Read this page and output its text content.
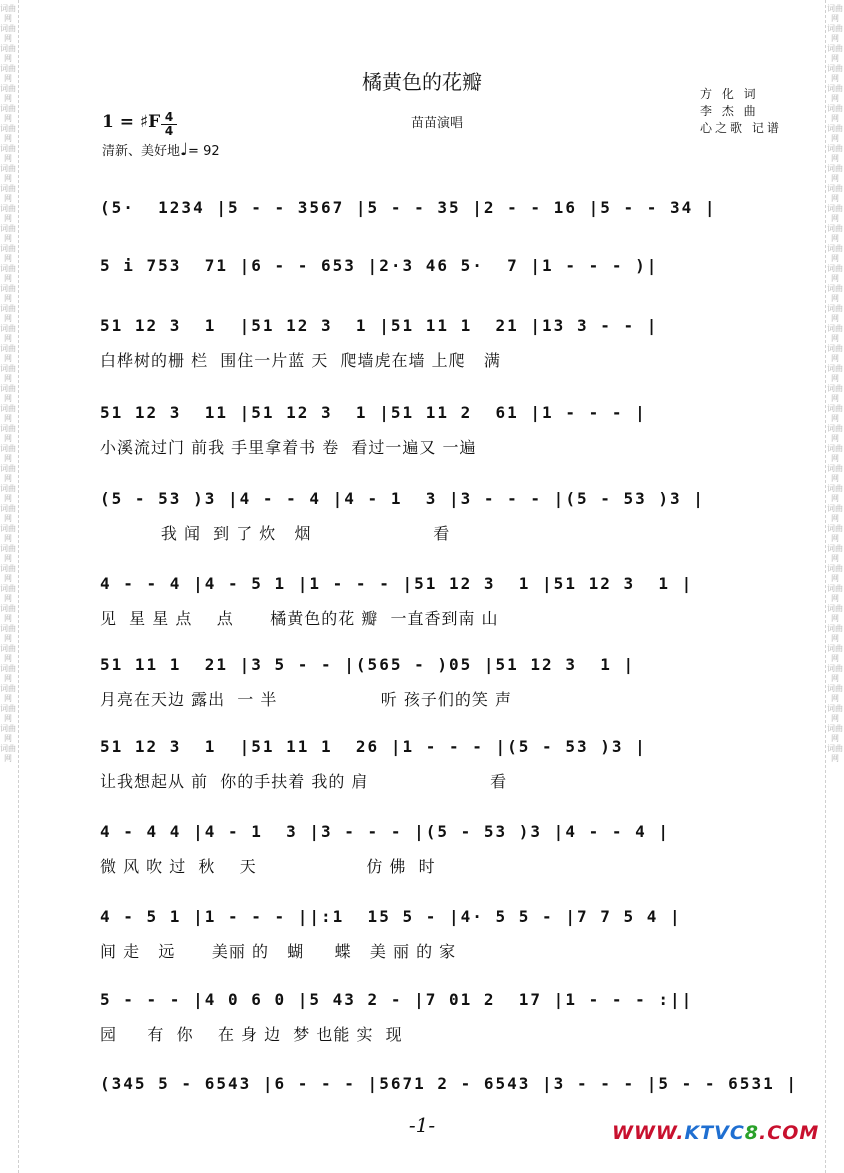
词曲网 词曲网 词曲网 词曲网 词曲网 词曲网 词曲网 词曲网 词曲网 词曲网 词曲网 词曲网 词曲网 词曲网 词曲网 词曲网 词曲网 词曲网 词曲网 词曲网 词曲网 词曲网 词曲网 词曲网 词曲网 词曲网 词曲网 词曲网 词曲网 词曲网 词曲网 词曲网 词曲网 词曲网 词曲网 词曲网 词曲网 词曲网
词曲网 词曲网 词曲网 词曲网 词曲网 词曲网 词曲网 词曲网 词曲网 词曲网 词曲网 词曲网 词曲网 词曲网 词曲网 词曲网 词曲网 词曲网 词曲网 词曲网 词曲网 词曲网 词曲网 词曲网 词曲网 词曲网 词曲网 词曲网 词曲网 词曲网 词曲网 词曲网 词曲网 词曲网 词曲网 词曲网 词曲网 词曲网
橘黄色的花瓣
苗苗演唱
方 化 词
李 杰 曲
心之歌 记谱
1 = ♯F 4
4
清新、美好地♩= 92
(5·  1234 |5 - - 3567 |5 - - 35 |2 - - 16 |5 - - 34 |
5 i 753  71 |6 - - 653 |2·3 46 5·  7 |1 - - - )|
51 12 3  1  |51 12 3  1 |51 11 1  21 |13 3 - - |
白桦树的栅 栏  围住一片蓝 天  爬墙虎在墙 上爬   满
51 12 3  11 |51 12 3  1 |51 11 2  61 |1 - - - |
小溪流过门 前我 手里拿着书 卷  看过一遍又 一遍
(5 - 53 )3 |4 - - 4 |4 - 1  3 |3 - - - |(5 - 53 )3 |
我 闻  到 了 炊   烟                    看
4 - - 4 |4 - 5 1 |1 - - - |51 12 3  1 |51 12 3  1 |
见  星 星 点    点      橘黄色的花 瓣  一直香到南 山
51 11 1  21 |3 5 - - |(565 - )05 |51 12 3  1 |
月亮在天边 露出  一 半                 听 孩子们的笑 声
51 12 3  1  |51 11 1  26 |1 - - - |(5 - 53 )3 |
让我想起从 前  你的手扶着 我的 肩                    看
4 - 4 4 |4 - 1  3 |3 - - - |(5 - 53 )3 |4 - - 4 |
微 风 吹 过  秋    天                  仿 佛  时
4 - 5 1 |1 - - - ||:1  15 5 - |4· 5 5 - |7 7 5 4 |
间 走   远      美丽 的   蝴     蝶   美 丽 的 家
5 - - - |4 0 6 0 |5 43 2 - |7 01 2  17 |1 - - - :||
园     有  你    在 身 边  梦 也能 实  现
(345 5 - 6543 |6 - - - |5671 2 - 6543 |3 - - - |5 - - 6531 |
-1-	WWW.KTVC8.COM
